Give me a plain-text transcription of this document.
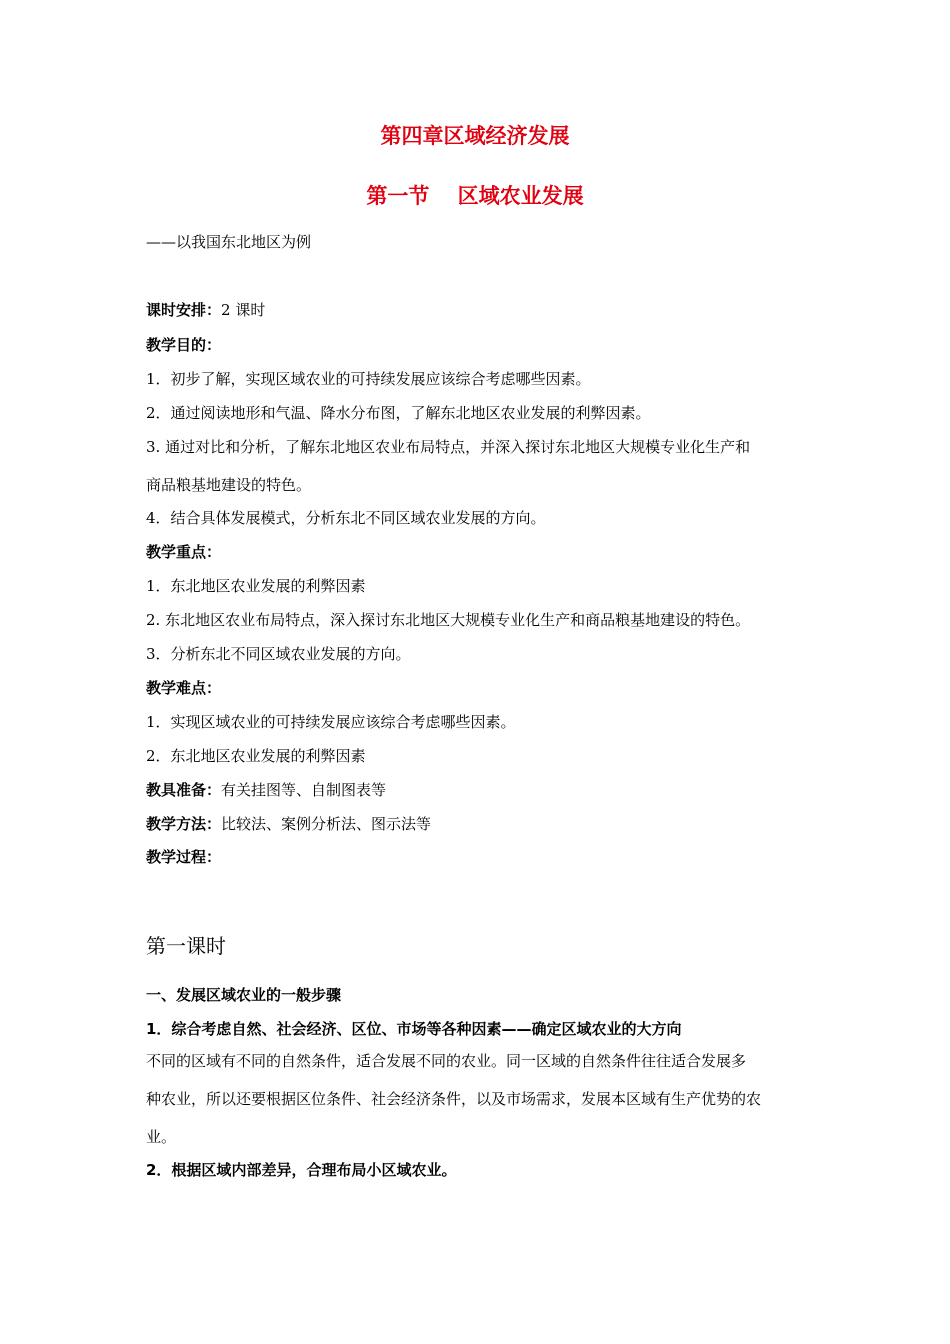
第四章区域经济发展
第一节　 区域农业发展
——以我国东北地区为例
课时安排：2 课时
教学目的：
1．初步了解，实现区域农业的可持续发展应该综合考虑哪些因素。
2．通过阅读地形和气温、降水分布图，了解东北地区农业发展的利弊因素。
3. 通过对比和分析，了解东北地区农业布局特点，并深入探讨东北地区大规模专业化生产和
商品粮基地建设的特色。
4．结合具体发展模式，分析东北不同区域农业发展的方向。
教学重点：
1．东北地区农业发展的利弊因素
2. 东北地区农业布局特点，深入探讨东北地区大规模专业化生产和商品粮基地建设的特色。
3．分析东北不同区域农业发展的方向。
教学难点：
1．实现区域农业的可持续发展应该综合考虑哪些因素。
2．东北地区农业发展的利弊因素
教具准备：有关挂图等、自制图表等
教学方法：比较法、案例分析法、图示法等
教学过程：
第一课时
一、发展区域农业的一般步骤
1．综合考虑自然、社会经济、区位、市场等各种因素——确定区域农业的大方向
不同的区域有不同的自然条件，适合发展不同的农业。同一区域的自然条件往往适合发展多
种农业，所以还要根据区位条件、社会经济条件，以及市场需求，发展本区域有生产优势的农
业。
2．根据区域内部差异，合理布局小区域农业。
